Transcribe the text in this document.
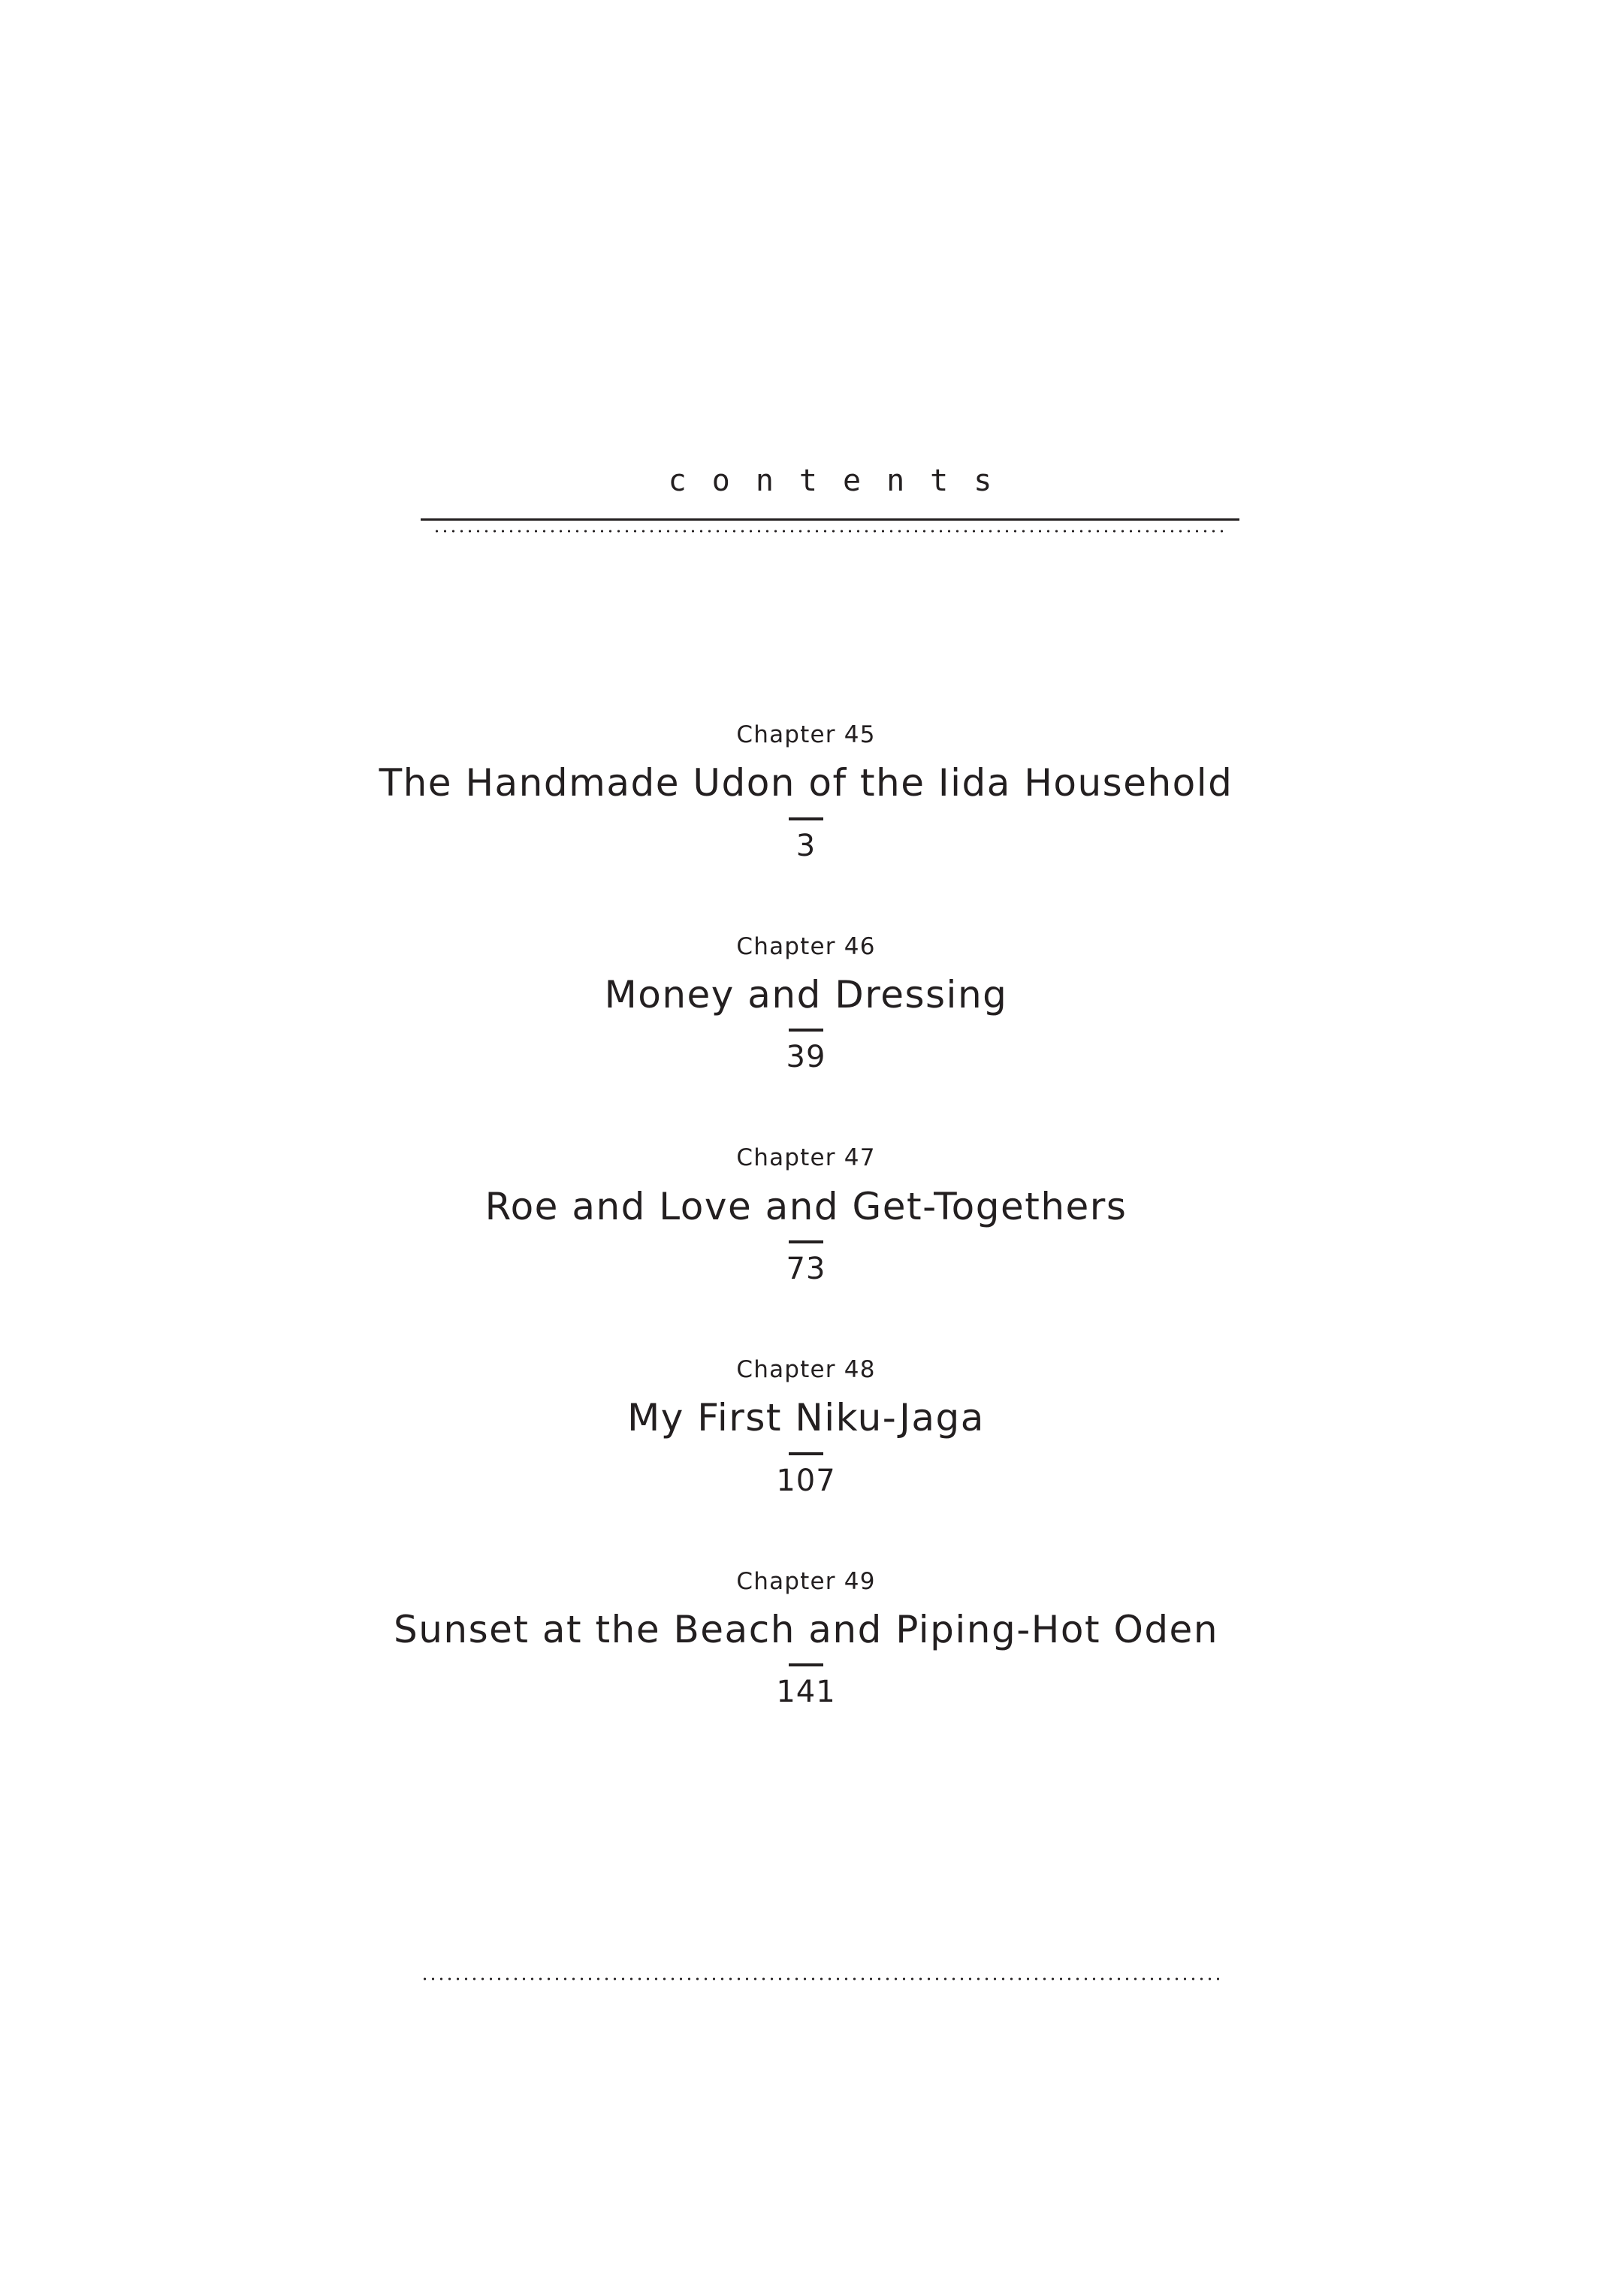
contents
Chapter 45
The Handmade Udon of the Iida Household
3
Chapter 46
Money and Dressing
39
Chapter 47
Roe and Love and Get-Togethers
73
Chapter 48
My First Niku-Jaga
107
Chapter 49
Sunset at the Beach and Piping-Hot Oden
141
